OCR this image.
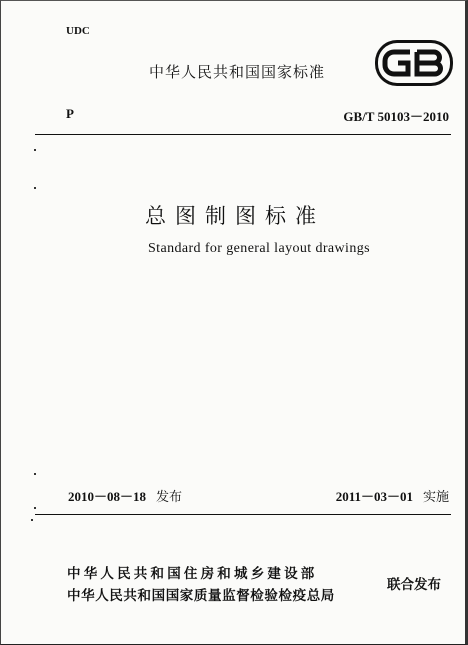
UDC
中华人民共和国国家标准
GB
P	GB/T 50103－2010
总图制图标准
Standard for general layout drawings
2010－08－18 发布	2011－03－01 实施
中华人民共和国住房和城乡建设部
中华人民共和国国家质量监督检验检疫总局
联合发布
